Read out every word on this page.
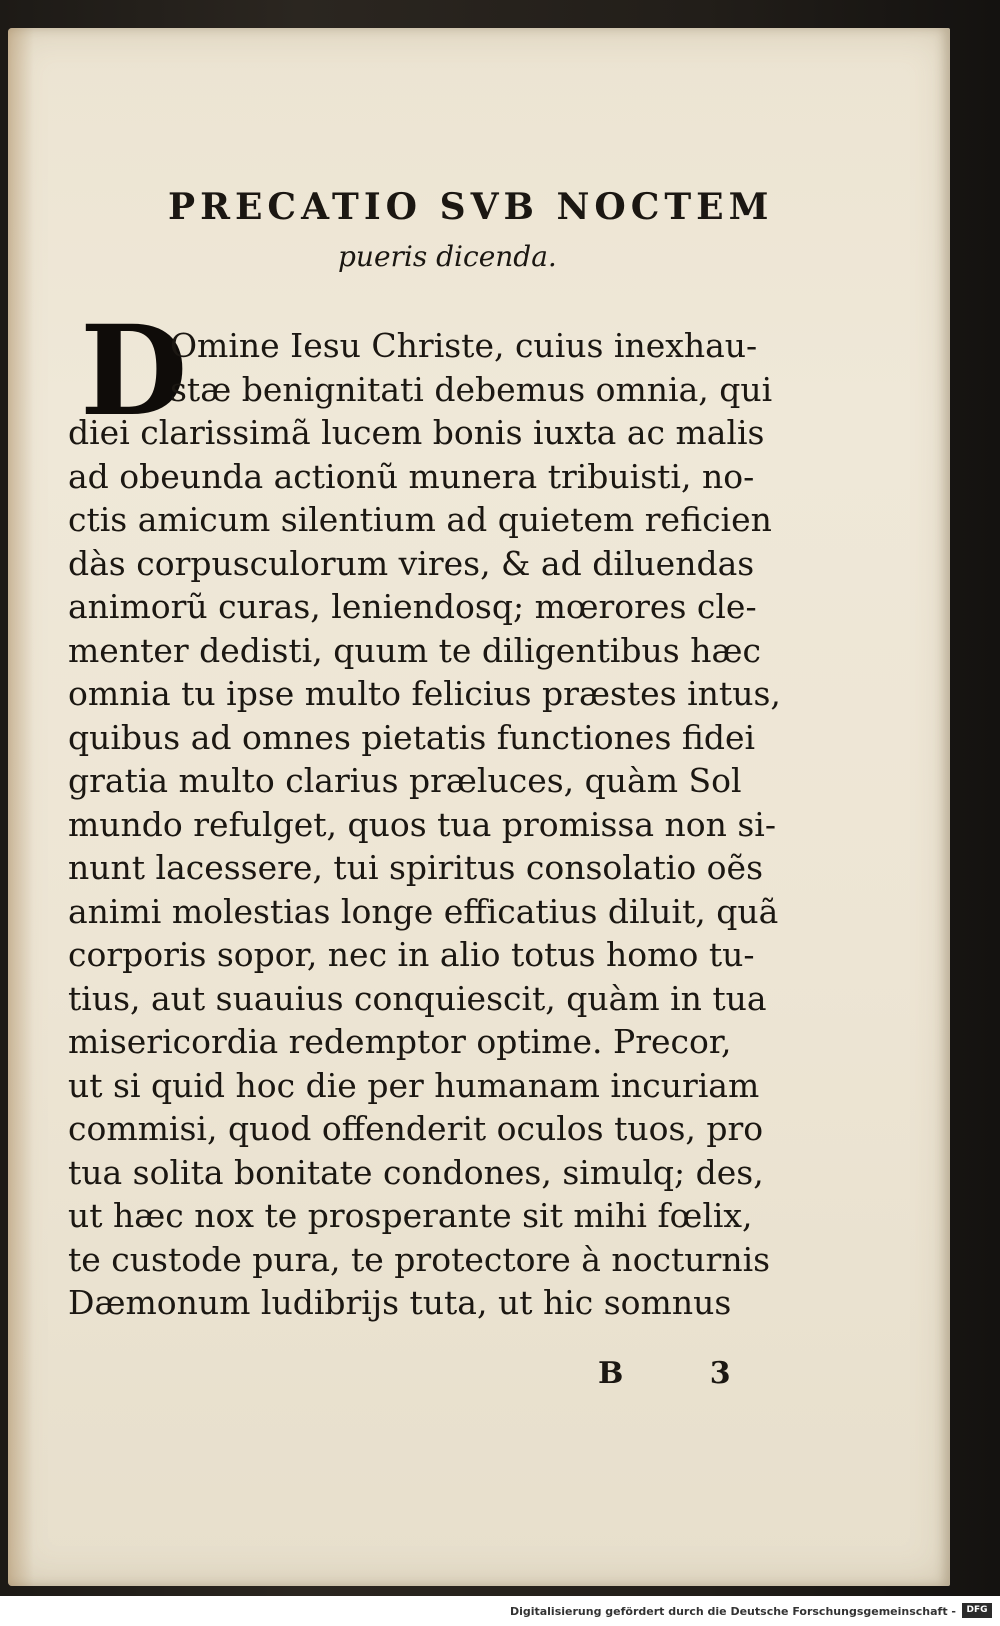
PRECATIO SVB NOCTEM
pueris dicenda.
D
Omine Iesu Christe, cuius inexhau-
stæ benignitati debemus omnia, qui
diei clarissimã lucem bonis iuxta ac malis
ad obeunda actionũ munera tribuisti, no-
ctis amicum silentium ad quietem reficien
dàs corpusculorum vires, & ad diluendas
animorũ curas, leniendosq; mœrores cle-
menter dedisti, quum te diligentibus hæc
omnia tu ipse multo felicius præstes intus,
quibus ad omnes pietatis functiones fidei
gratia multo clarius præluces, quàm Sol
mundo refulget, quos tua promissa non si-
nunt lacessere, tui spiritus consolatio oẽs
animi molestias longe efficatius diluit, quã
corporis sopor, nec in alio totus homo tu-
tius, aut suauius conquiescit, quàm in tua
misericordia redemptor optime. Precor,
ut si quid hoc die per humanam incuriam
commisi, quod offenderit oculos tuos, pro
tua solita bonitate condones, simulq; des,
ut hæc nox te prosperante sit mihi fœlix,
te custode pura, te protectore à nocturnis
Dæmonum ludibrijs tuta, ut hic somnus
B 3
Digitalisierung gefördert durch die Deutsche Forschungsgemeinschaft -	DFG
